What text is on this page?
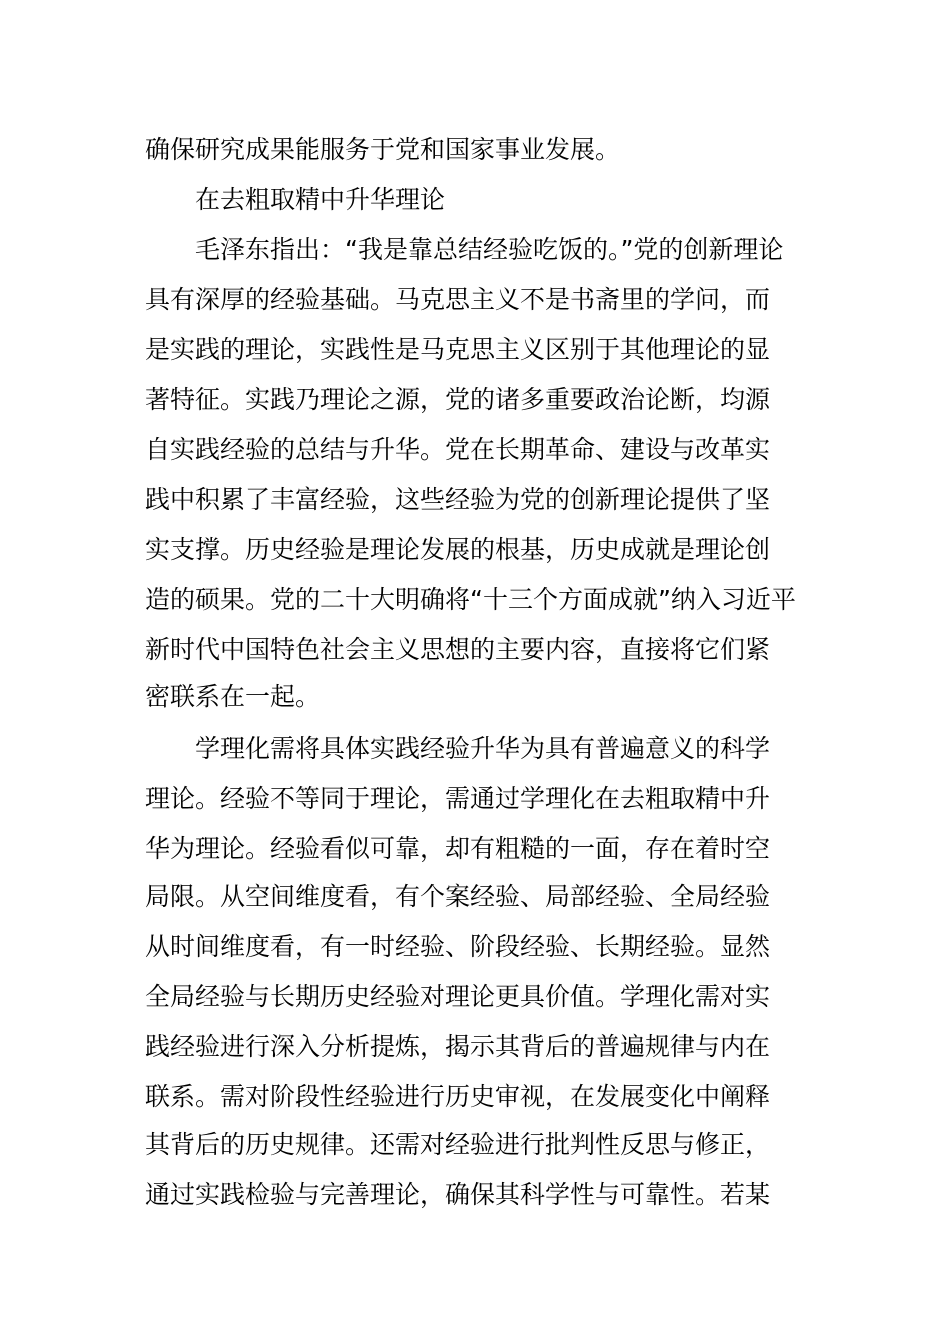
确保研究成果能服务于党和国家事业发展。
在去粗取精中升华理论
毛泽东指出：“我是靠总结经验吃饭的。”党的创新理论
具有深厚的经验基础。马克思主义不是书斋里的学问，而
是实践的理论，实践性是马克思主义区别于其他理论的显
著特征。实践乃理论之源，党的诸多重要政治论断，均源
自实践经验的总结与升华。党在长期革命、建设与改革实
践中积累了丰富经验，这些经验为党的创新理论提供了坚
实支撑。历史经验是理论发展的根基，历史成就是理论创
造的硕果。党的二十大明确将“十三个方面成就”纳入习近平
新时代中国特色社会主义思想的主要内容，直接将它们紧
密联系在一起。
学理化需将具体实践经验升华为具有普遍意义的科学
理论。经验不等同于理论，需通过学理化在去粗取精中升
华为理论。经验看似可靠，却有粗糙的一面，存在着时空
局限。从空间维度看，有个案经验、局部经验、全局经验
从时间维度看，有一时经验、阶段经验、长期经验。显然
全局经验与长期历史经验对理论更具价值。学理化需对实
践经验进行深入分析提炼，揭示其背后的普遍规律与内在
联系。需对阶段性经验进行历史审视，在发展变化中阐释
其背后的历史规律。还需对经验进行批判性反思与修正，
通过实践检验与完善理论，确保其科学性与可靠性。若某
